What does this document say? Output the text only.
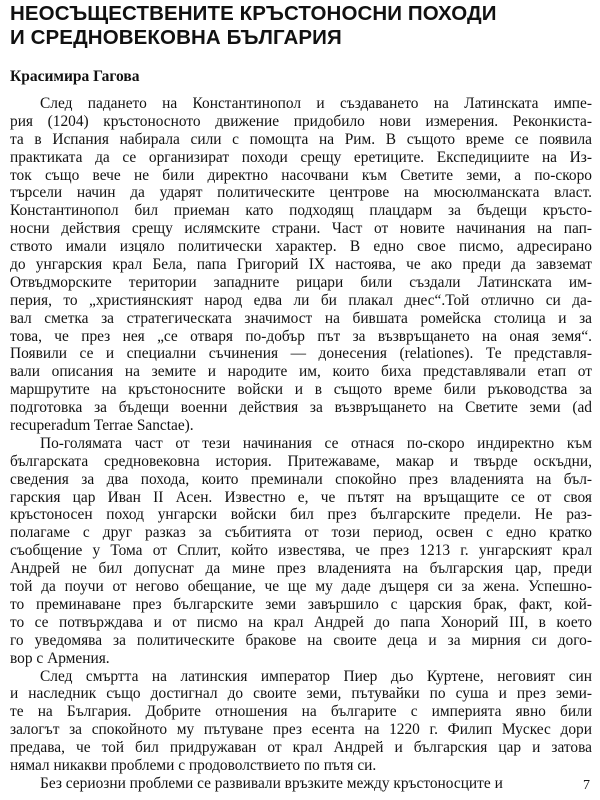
НЕОСЪЩЕСТВЕНИТЕ КРЪСТОНОСНИ ПОХОДИ
И СРЕДНОВЕКОВНА БЪЛГАРИЯ
Красимира Гагова
След падането на Константинопол и създаването на Латинската импе-
рия (1204) кръстоносното движение придобило нови измерения. Реконкиста-
та в Испания набирала сили с помощта на Рим. В същото време се появила
практиката да се организират походи срещу еретиците. Експедициите на Из-
ток също вече не били директно насочвани към Светите земи, а по-скоро
търсели начин да ударят политическите центрове на мюсюлманската власт.
Константинопол бил приеман като подходящ плацдарм за бъдещи кръсто-
носни действия срещу ислямските страни. Част от новите начинания на пап-
ството имали изцяло политически характер. В едно свое писмо, адресирано
до унгарския крал Бела, папа Григорий IX настоява, че ако преди да завземат
Отвъдморските територии западните рицари били създали Латинската им-
перия, то „християнският народ едва ли би плакал днес“.Той отлично си да-
вал сметка за стратегическата значимост на бившата ромейска столица и за
това, че през нея „се отваря по-добър път за възвръщането на оная земя“.
Появили се и специални съчинения — донесения (relationes). Те представля-
вали описания на земите и народите им, които биха представлявали етап от
маршрутите на кръстоносните войски и в същото време били ръководства за
подготовка за бъдещи военни действия за възвръщането на Светите земи (ad
recuperadum Terrae Sanctae).
По-голямата част от тези начинания се отнася по-скоро индиректно към
българската средновековна история. Притежаваме, макар и твърде оскъдни,
сведения за два похода, които преминали спокойно през владенията на бъл-
гарския цар Иван II Асен. Известно е, че пътят на връщащите се от своя
кръстоносен поход унгарски войски бил през българските предели. Не раз-
полагаме с друг разказ за събитията от този период, освен с едно кратко
съобщение у Тома от Сплит, който известява, че през 1213 г. унгарският крал
Андрей не бил допуснат да мине през владенията на българския цар, преди
той да поучи от негово обещание, че ще му даде дъщеря си за жена. Успешно-
то преминаване през българските земи завършило с царския брак, факт, кой-
то се потвърждава и от писмо на крал Андрей до папа Хонорий III, в което
го уведомява за политическите бракове на своите деца и за мирния си дого-
вор с Армения.
След смъртта на латинския император Пиер дьо Куртене, неговият син
и наследник също достигнал до своите земи, пътувайки по суша и през земи-
те на България. Добрите отношения на българите с империята явно били
залогът за спокойното му пътуване през есента на 1220 г. Филип Мускес дори
предава, че той бил придружаван от крал Андрей и българския цар и затова
нямал никакви проблеми с продоволствието по пътя си.
Без сериозни проблеми се развивали връзките между кръстоносците и	7
